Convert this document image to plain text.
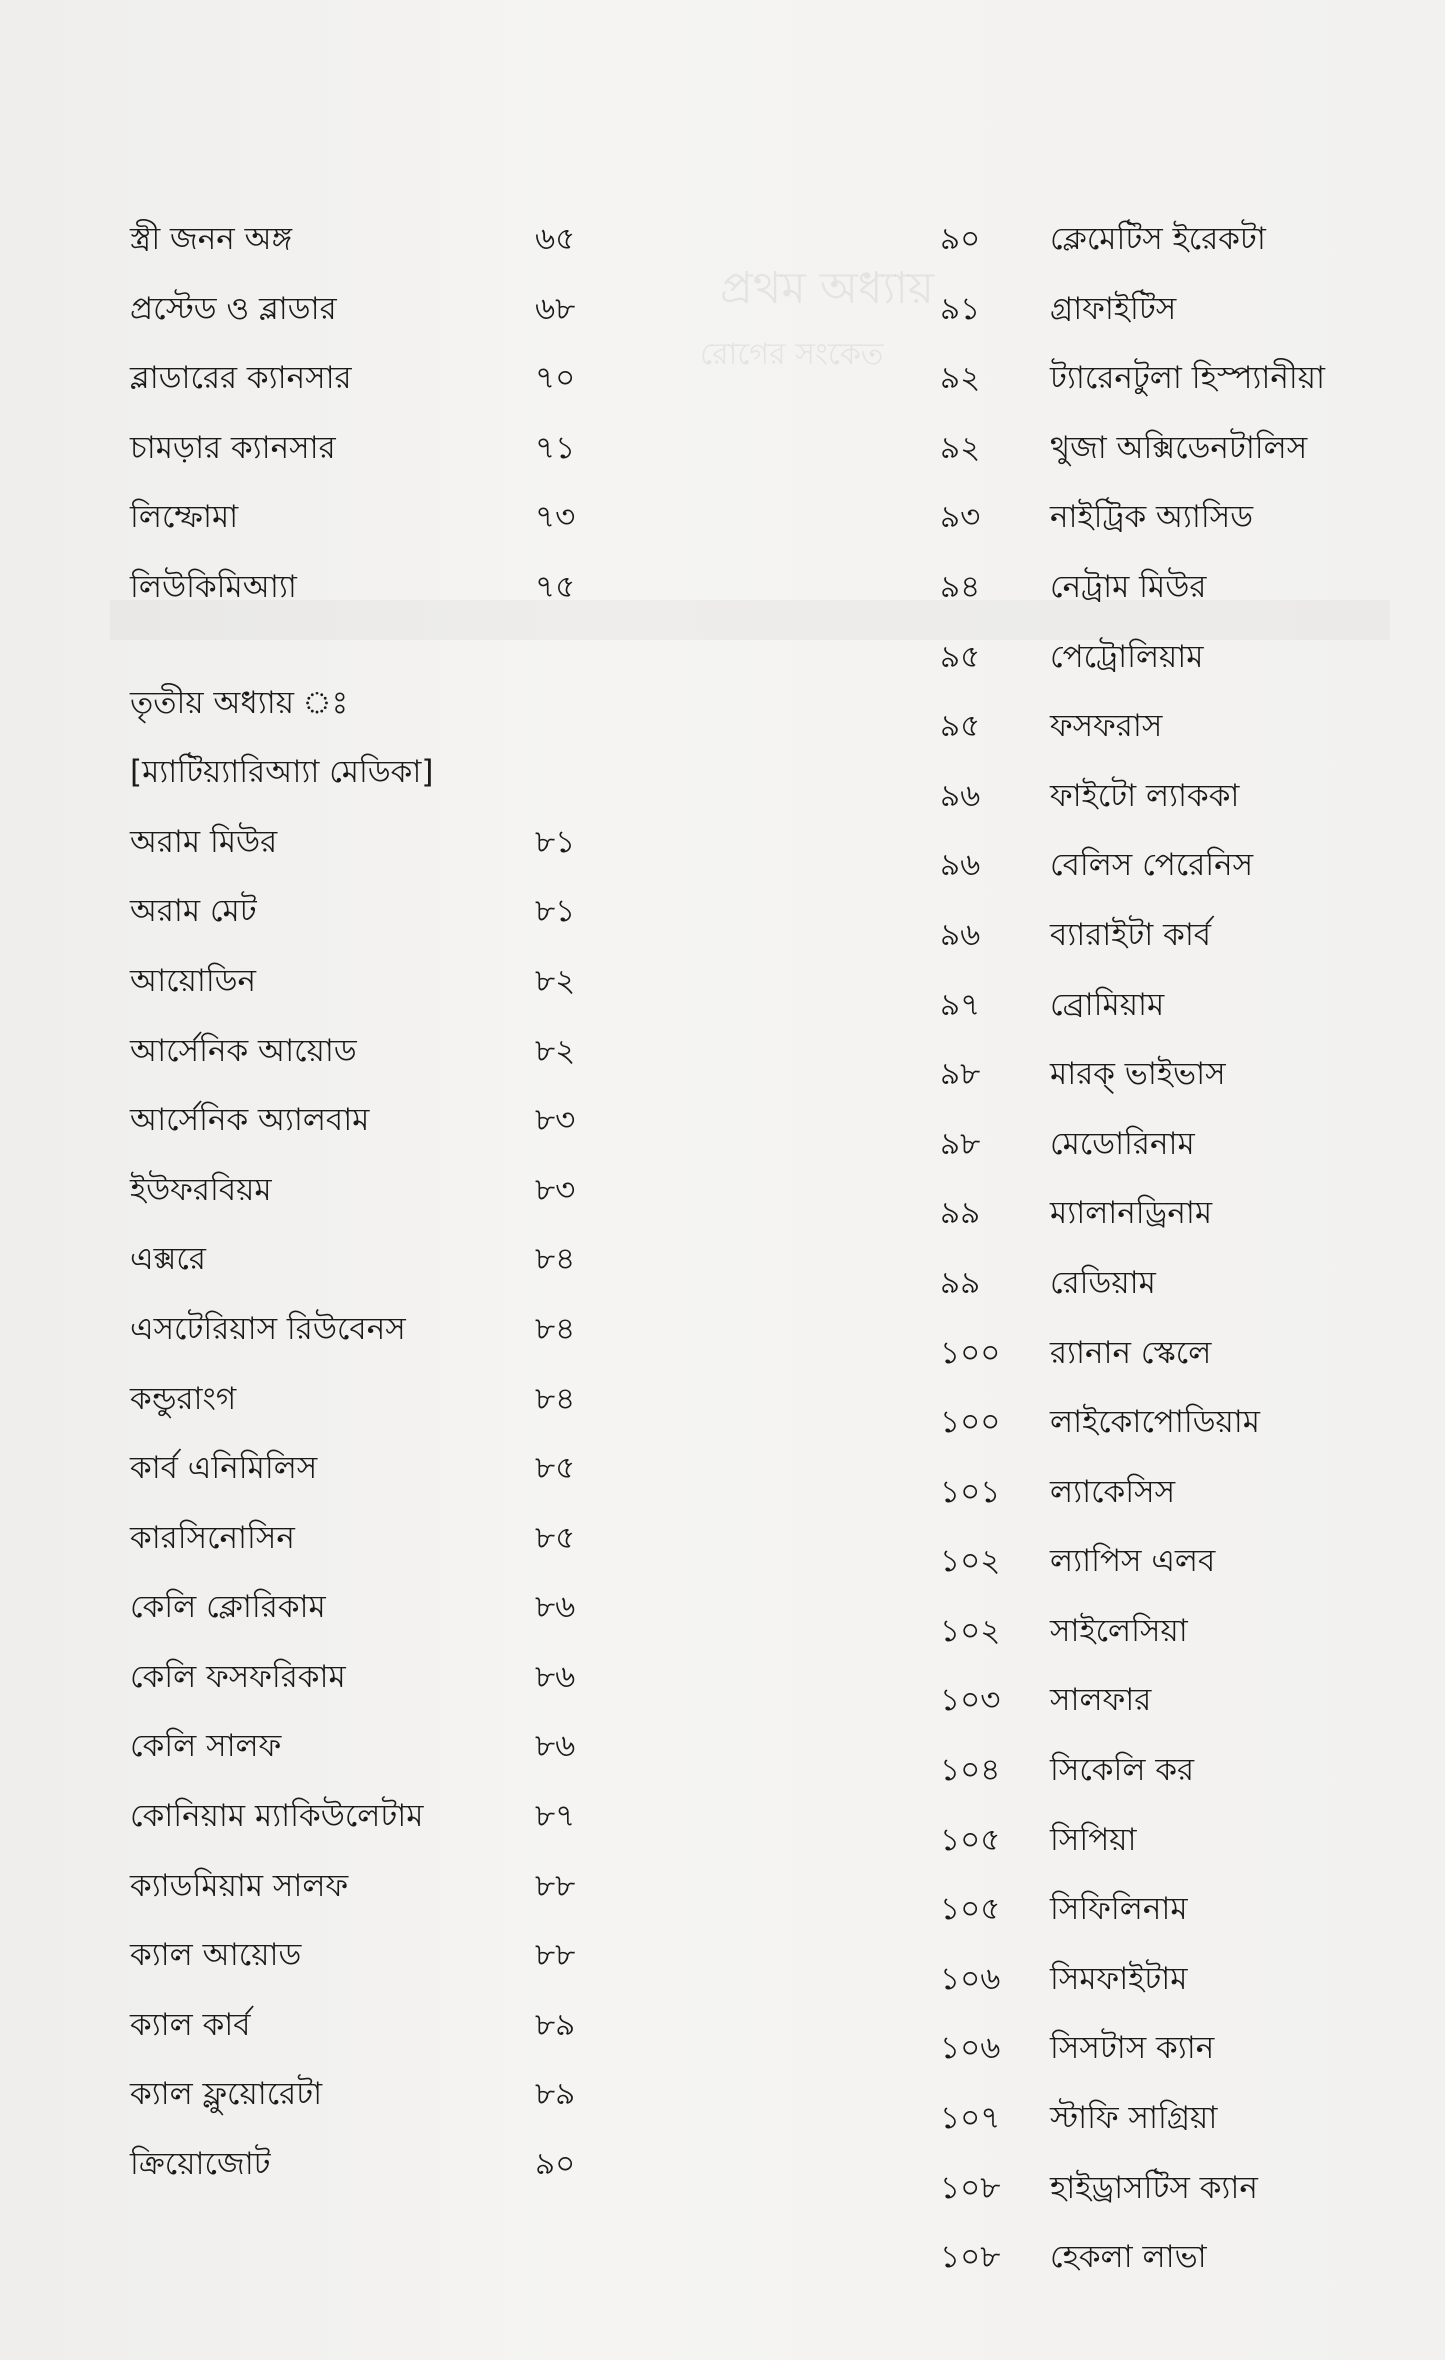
প্রথম অধ্যায়
রোগের সংকেত
স্ত্রী জনন অঙ্গ	৬৫
প্রস্টেড ও ব্লাডার	৬৮
ব্লাডারের ক্যানসার	৭০
চামড়ার ক্যানসার	৭১
লিম্ফোমা	৭৩
লিউকিমিআ্যা	৭৫
তৃতীয় অধ্যায় ঃ
[ম্যাটিয়্যারিআ্যা মেডিকা]
অরাম মিউর	৮১
অরাম মেট	৮১
আয়োডিন	৮২
আর্সেনিক আয়োড	৮২
আর্সেনিক অ্যালবাম	৮৩
ইউফরবিয়ম	৮৩
এক্সরে	৮৪
এসটেরিয়াস রিউবেনস	৮৪
কন্ডুরাংগ	৮৪
কার্ব এনিমিলিস	৮৫
কারসিনোসিন	৮৫
কেলি ক্লোরিকাম	৮৬
কেলি ফসফরিকাম	৮৬
কেলি সালফ	৮৬
কোনিয়াম ম্যাকিউলেটাম	৮৭
ক্যাডমিয়াম সালফ	৮৮
ক্যাল আয়োড	৮৮
ক্যাল কার্ব	৮৯
ক্যাল ফ্লুয়োরেটা	৮৯
ক্রিয়োজোট	৯০
৯০ ক্লেমেটিস ইরেকটা
৯১ গ্রাফাইটিস
৯২ ট্যারেনটুলা হিস্প্যানীয়া
৯২ থুজা অক্সিডেনটালিস
৯৩ নাইট্রিক অ্যাসিড
৯৪ নেট্রাম মিউর
৯৫ পেট্রোলিয়াম
৯৫ ফসফরাস
৯৬ ফাইটো ল্যাককা
৯৬ বেলিস পেরেনিস
৯৬ ব্যারাইটা কার্ব
৯৭ ব্রোমিয়াম
৯৮ মারক্ ভাইভাস
৯৮ মেডোরিনাম
৯৯ ম্যালানড্রিনাম
৯৯ রেডিয়াম
১০০ র‍্যানান স্কেলে
১০০ লাইকোপোডিয়াম
১০১ ল্যাকেসিস
১০২ ল্যাপিস এলব
১০২ সাইলেসিয়া
১০৩ সালফার
১০৪ সিকেলি কর
১০৫ সিপিয়া
১০৫ সিফিলিনাম
১০৬ সিমফাইটাম
১০৬ সিসটাস ক্যান
১০৭ স্টাফি সাগ্রিয়া
১০৮ হাইড্রাসটিস ক্যান
১০৮ হেকলা লাভা
